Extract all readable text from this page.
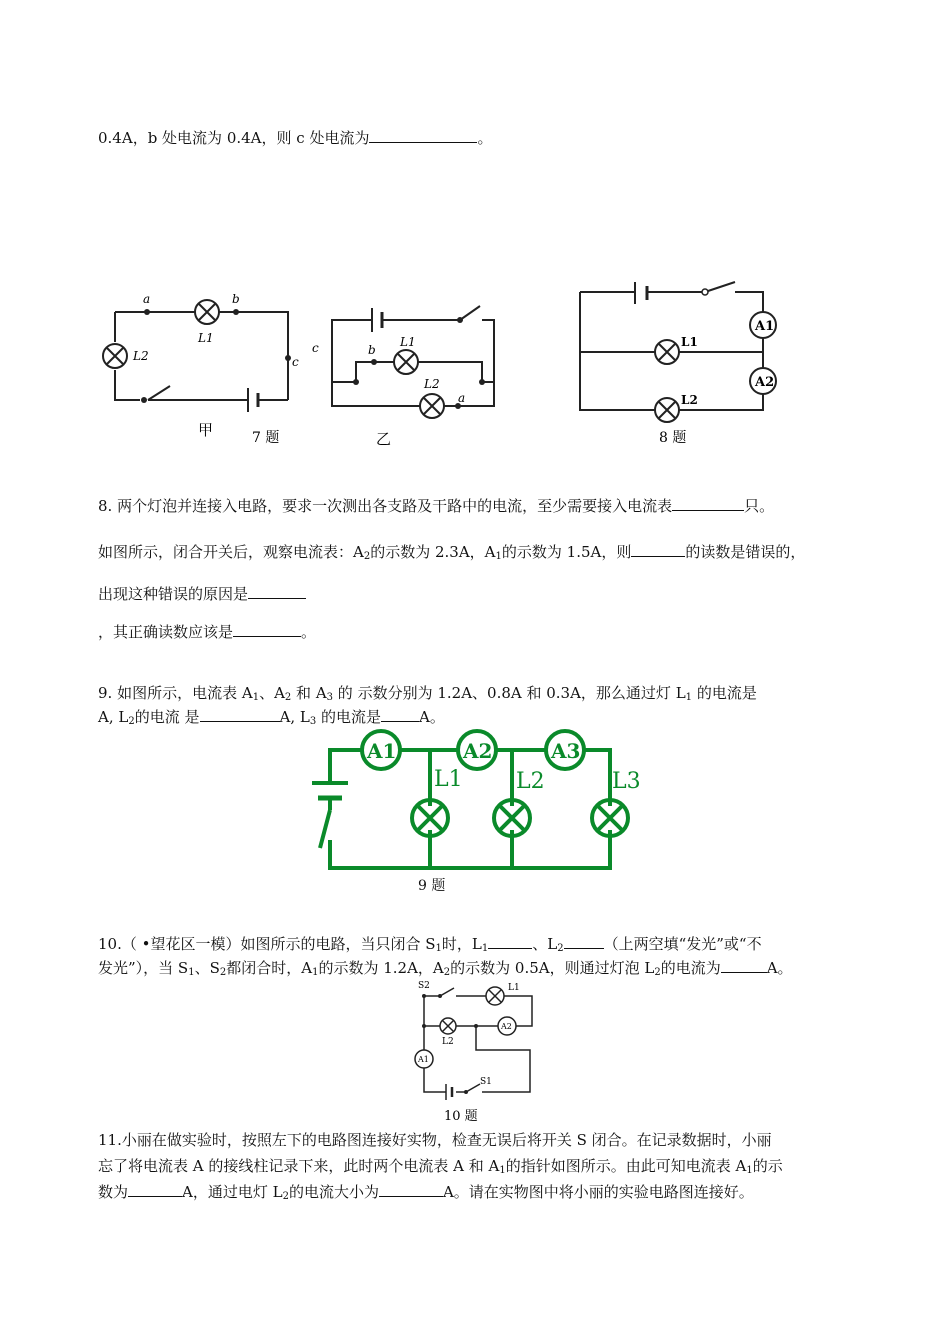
0.4A，b 处电流为 0.4A，则 c 处电流为	。
a	b
c
L1
L2
甲	7 题
c	b
L1
L2
a
乙
A1
A2
L1
L2
8 题
8. 两个灯泡并连接入电路，要求一次测出各支路及干路中的电流，至少需要接入电流表	只。
如图所示，闭合开关后，观察电流表：$A_2$的示数为 2.3A，$A_1$的示数为 1.5A，则	的读数是错误的，
出现这种错误的原因是
，其正确读数应该是	。
9. 如图所示，电流表 $A_1$、$A_2$ 和 $A_3$ 的 示数分别为 1.2A、0.8A 和 0.3A，那么通过灯 $L_1$ 的电流是
A, $L_2$的电流 是	A, $L_3$ 的电流是	A。
A1	A2	A3
L1 L2	L3
9 题
10.（ •望花区一模）如图所示的电路，当只闭合 $S_1$时，$L_1$	、$L_2$	（上两空填“发光”或“不
发光”），当 $S_1$、$S_2$都闭合时，$A_1$的示数为 1.2A，$A_2$的示数为 0.5A，则通过灯泡 $L_2$的电流为	A。
S2	L1
A2
L2
A1
S1
10 题
11.小丽在做实验时，按照左下的电路图连接好实物，检查无误后将开关 S 闭合。在记录数据时，小丽
忘了将电流表 A 的接线柱记录下来，此时两个电流表 A 和 $A_1$的指针如图所示。由此可知电流表 $A_1$的示
数为	A，通过电灯 $L_2$的电流大小为	A。请在实物图中将小丽的实验电路图连接好。
